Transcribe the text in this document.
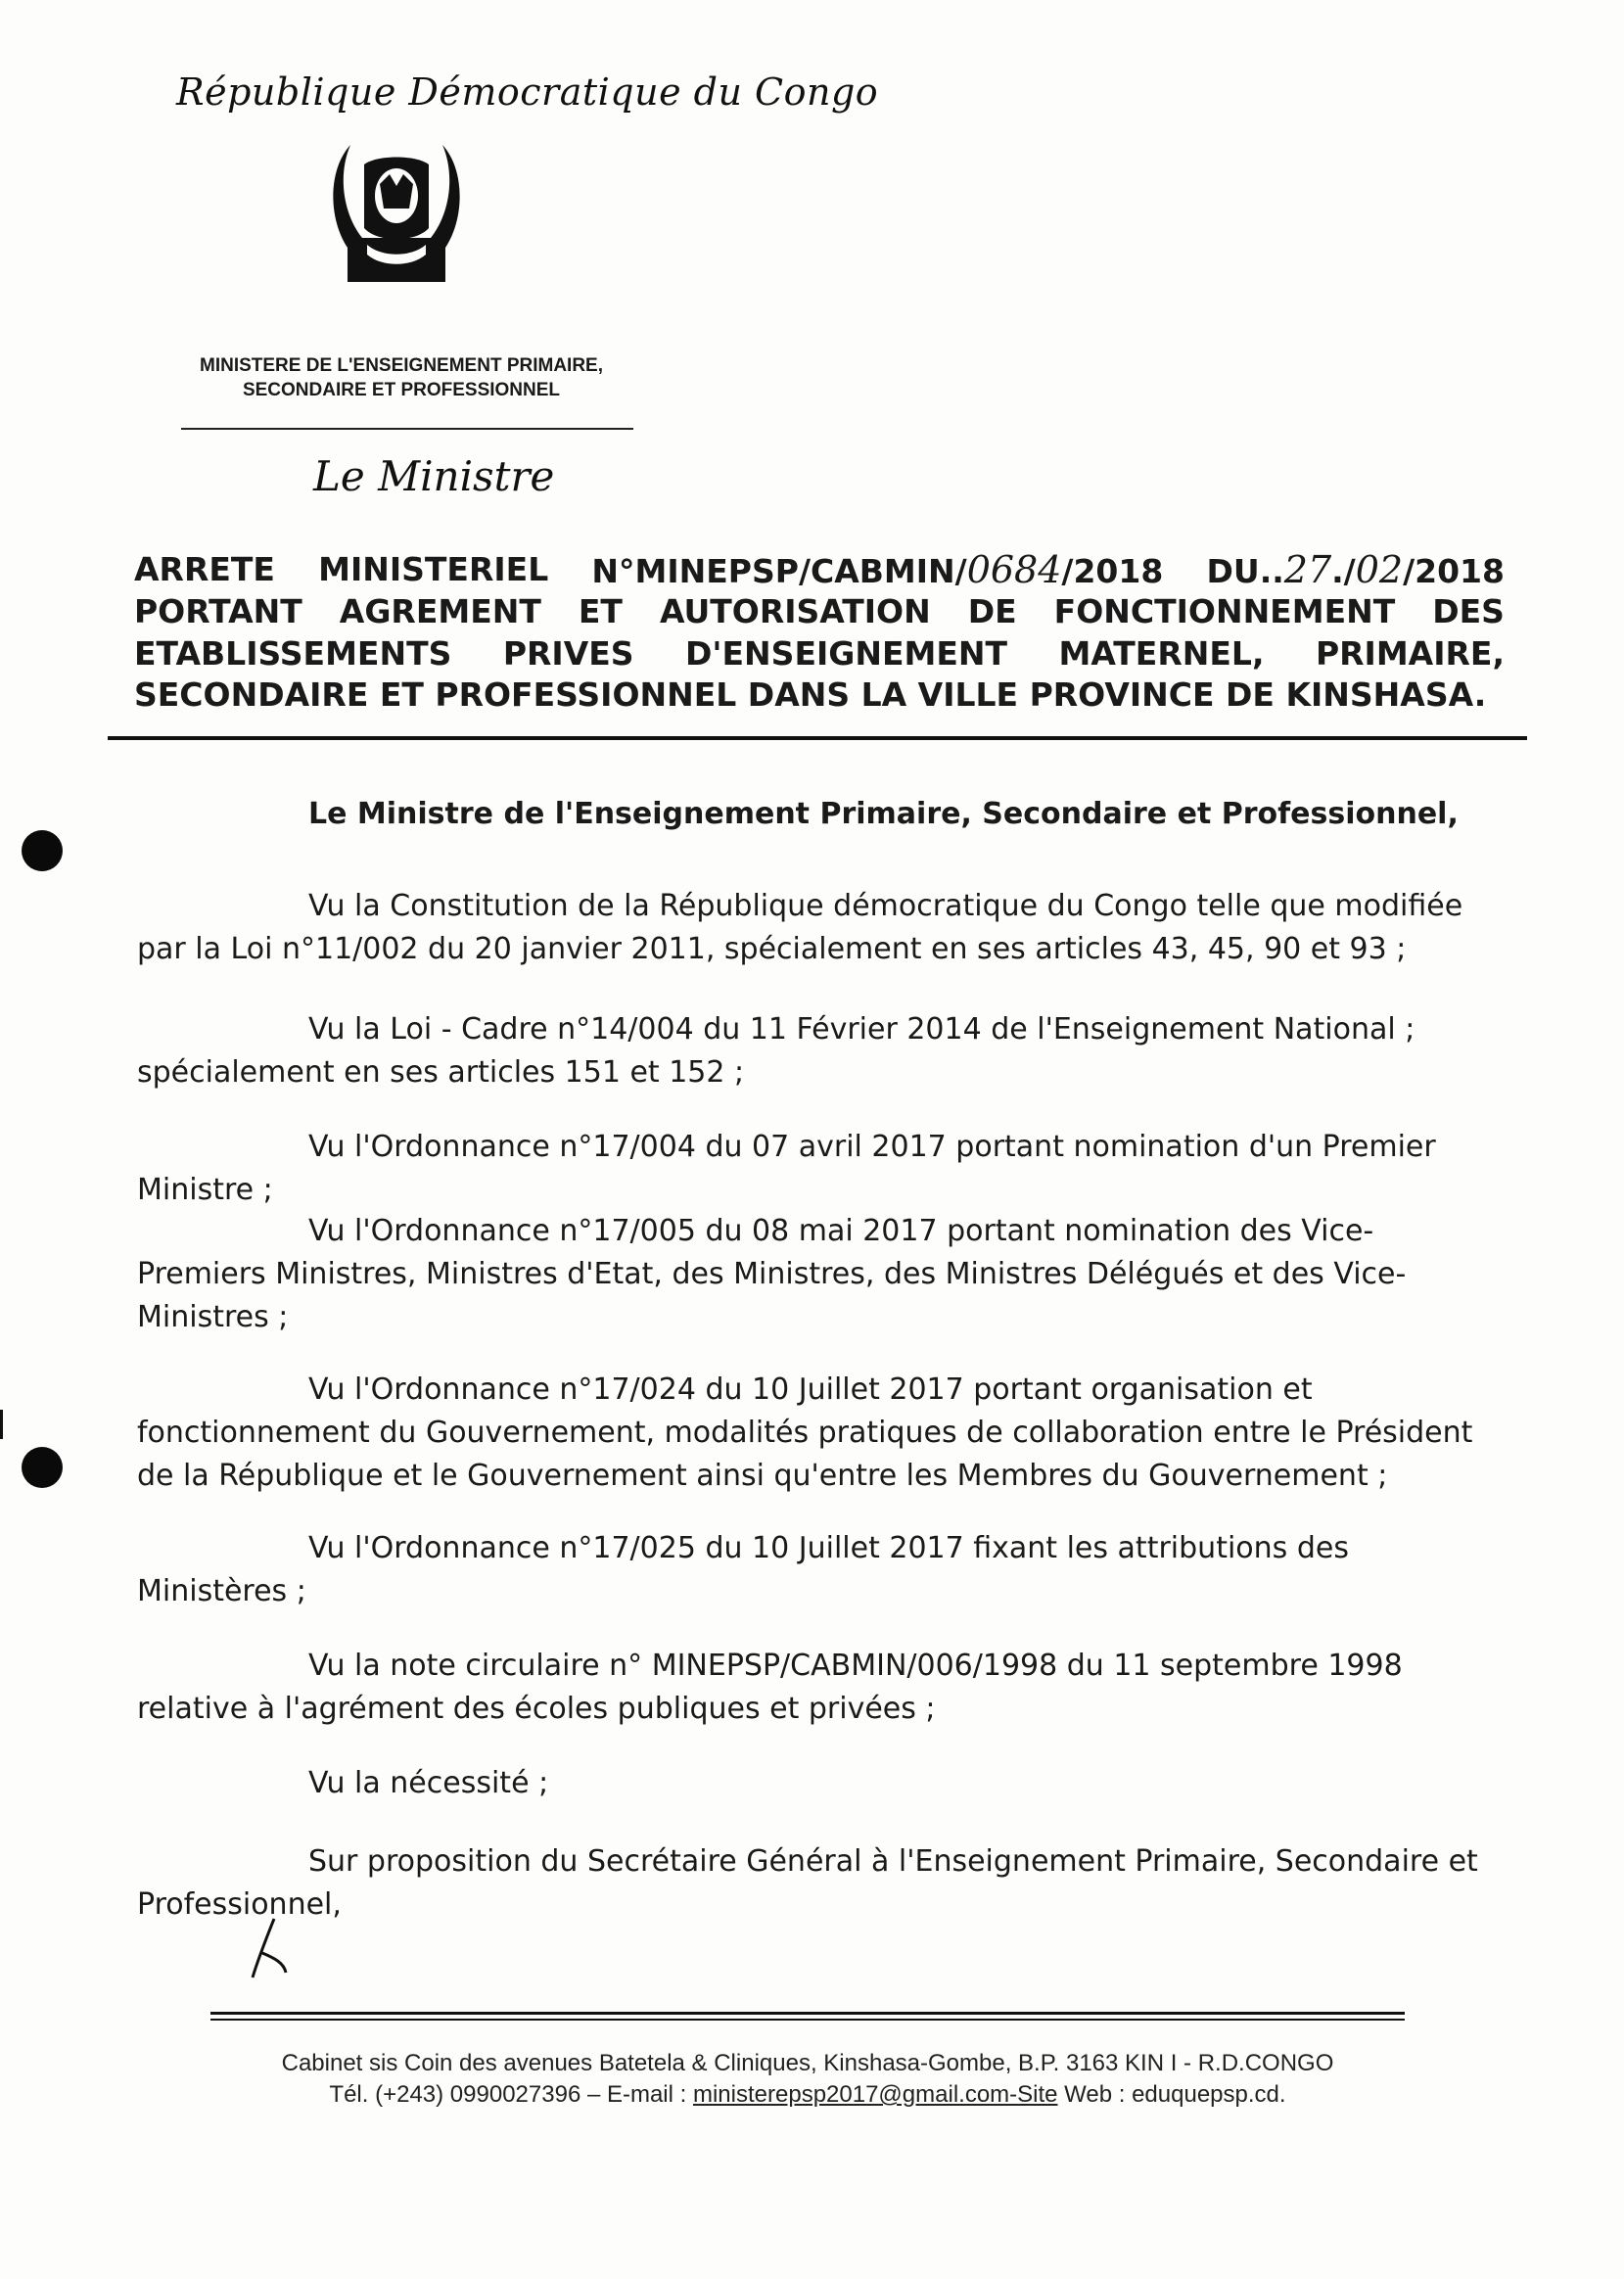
République Démocratique du Congo
MINISTERE DE L'ENSEIGNEMENT PRIMAIRE,
SECONDAIRE ET PROFESSIONNEL
Le Ministre
ARRETE MINISTERIEL N°MINEPSP/CABMIN/0684/2018 DU..27./02/2018
PORTANT AGREMENT ET AUTORISATION DE FONCTIONNEMENT DES
ETABLISSEMENTS PRIVES D'ENSEIGNEMENT MATERNEL, PRIMAIRE,
SECONDAIRE ET PROFESSIONNEL DANS LA VILLE PROVINCE DE KINSHASA.
Le Ministre de l'Enseignement Primaire, Secondaire et Professionnel,
Vu la Constitution de la République démocratique du Congo telle que modifiée
par la Loi n°11/002 du 20 janvier 2011, spécialement en ses articles 43, 45, 90 et 93 ;
Vu la Loi - Cadre n°14/004 du 11 Février 2014 de l'Enseignement National ;
spécialement en ses articles 151 et 152 ;
Vu l'Ordonnance n°17/004 du 07 avril 2017 portant nomination d'un Premier
Ministre ;
Vu l'Ordonnance n°17/005 du 08 mai 2017 portant nomination des Vice-
Premiers Ministres, Ministres d'Etat, des Ministres, des Ministres Délégués et des Vice-
Ministres ;
Vu l'Ordonnance n°17/024 du 10 Juillet 2017 portant organisation et
fonctionnement du Gouvernement, modalités pratiques de collaboration entre le Président
de la République et le Gouvernement ainsi qu'entre les Membres du Gouvernement ;
Vu l'Ordonnance n°17/025 du 10 Juillet 2017 fixant les attributions des
Ministères ;
Vu la note circulaire n° MINEPSP/CABMIN/006/1998 du 11 septembre 1998
relative à l'agrément des écoles publiques et privées ;
Vu la nécessité ;
Sur proposition du Secrétaire Général à l'Enseignement Primaire, Secondaire et
Professionnel,
Cabinet sis Coin des avenues Batetela & Cliniques, Kinshasa-Gombe, B.P. 3163 KIN I - R.D.CONGO
Tél. (+243) 0990027396 – E-mail : ministerepsp2017@gmail.com-Site Web : eduquepsp.cd.
